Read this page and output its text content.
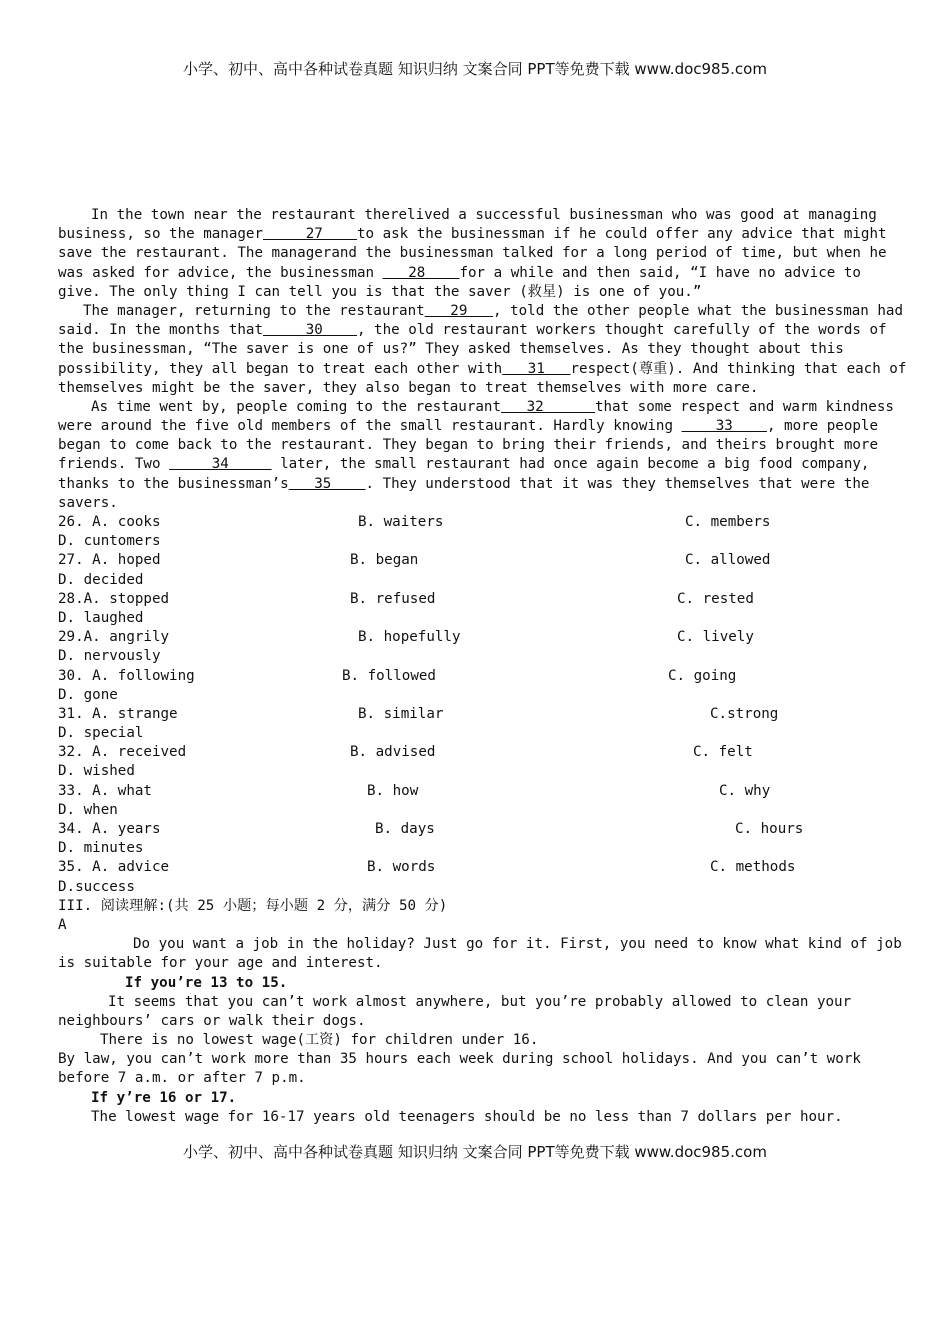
小学、初中、高中各种试卷真题 知识归纳 文案合同 PPT等免费下载 www.doc985.com
In the town near the restaurant therelived a successful businessman who was good at managing
business, so the manager     27    to ask the businessman if he could offer any advice that might
save the restaurant. The managerand the businessman talked for a long period of time, but when he
was asked for advice, the businessman    28    for a while and then said, “I have no advice to
give. The only thing I can tell you is that the saver (救星) is one of you.”
The manager, returning to the restaurant   29   , told the other people what the businessman had
said. In the months that     30    , the old restaurant workers thought carefully of the words of
the businessman, “The saver is one of us?” They asked themselves. As they thought about this
possibility, they all began to treat each other with   31   respect(尊重). And thinking that each of
themselves might be the saver, they also began to treat themselves with more care.
As time went by, people coming to the restaurant   32      that some respect and warm kindness
were around the five old members of the small restaurant. Hardly knowing     33    , more people
began to come back to the restaurant. They began to bring their friends, and theirs brought more
friends. Two      34      later, the small restaurant had once again become a big food company,
thanks to the businessman’s   35    . They understood that it was they themselves that were the
savers.
26. A. cooks	B. waiters	C. members
D. cuntomers
27. A. hoped	B. began	C. allowed
D. decided
28.A. stopped	B. refused	C. rested
D. laughed
29.A. angrily	B. hopefully	C. lively
D. nervously
30. A. following	B. followed	C. going
D. gone
31. A. strange	B. similar	C.strong
D. special
32. A. received	B. advised	C. felt
D. wished
33. A. what	B. how	C. why
D. when
34. A. years	B. days	C. hours
D. minutes
35. A. advice	B. words	C. methods
D.success
III. 阅读理解:(共 25 小题；每小题 2 分，满分 50 分)
A
Do you want a job in the holiday? Just go for it. First, you need to know what kind of job
is suitable for your age and interest.
If you’re 13 to 15.
It seems that you can’t work almost anywhere, but you’re probably allowed to clean your
neighbours’ cars or walk their dogs.
There is no lowest wage(工资) for children under 16.
By law, you can’t work more than 35 hours each week during school holidays. And you can’t work
before 7 a.m. or after 7 p.m.
If y’re 16 or 17.
The lowest wage for 16-17 years old teenagers should be no less than 7 dollars per hour.
小学、初中、高中各种试卷真题 知识归纳 文案合同 PPT等免费下载 www.doc985.com
